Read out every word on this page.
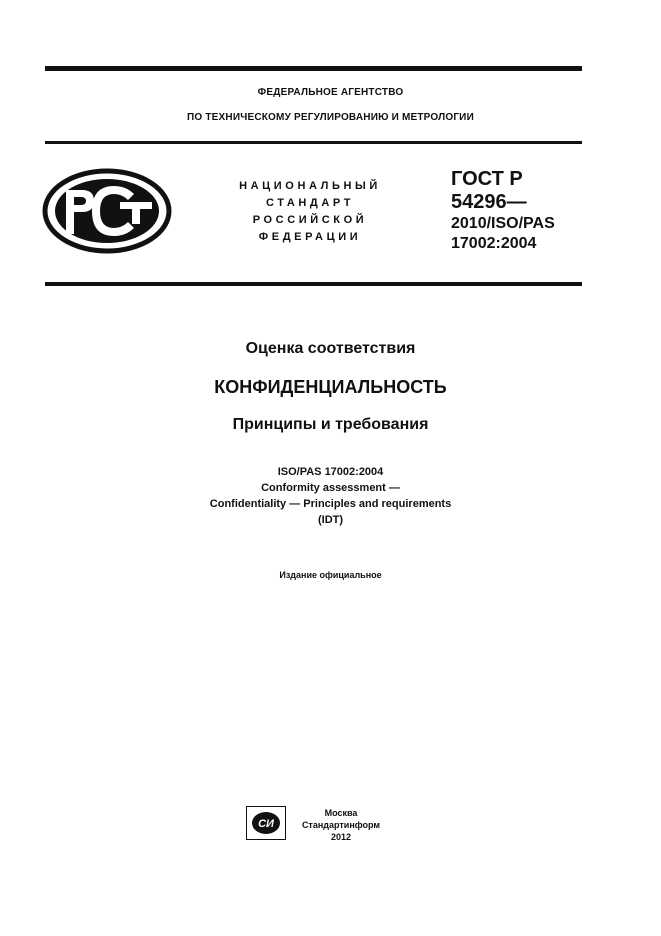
ФЕДЕРАЛЬНОЕ АГЕНТСТВО
ПО ТЕХНИЧЕСКОМУ РЕГУЛИРОВАНИЮ И МЕТРОЛОГИИ
НАЦИОНАЛЬНЫЙ
СТАНДАРТ
РОССИЙСКОЙ
ФЕДЕРАЦИИ
ГОСТ Р
54296—
2010/ISO/PAS
17002:2004
Оценка соответствия
КОНФИДЕНЦИАЛЬНОСТЬ
Принципы и требования
ISO/PAS 17002:2004
Conformity assessment —
Confidentiality — Principles and requirements
(IDT)
Издание официальное
СИ
Москва
Стандартинформ
2012
